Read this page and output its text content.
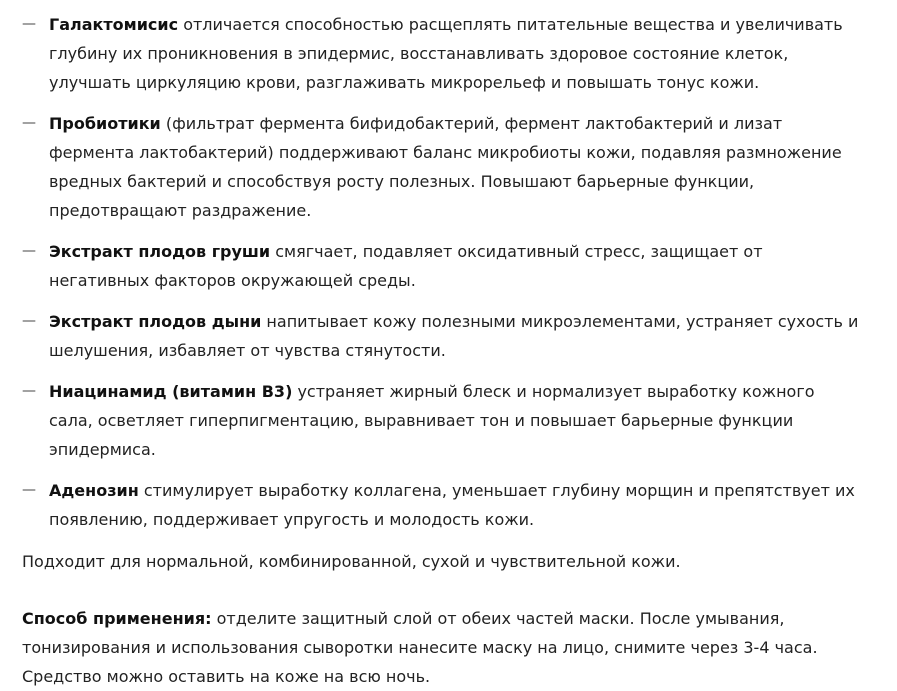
— Галактомисис отличается способностью расщеплять питательные вещества и увеличивать глубину их проникновения в эпидермис, восстанавливать здоровое состояние клеток, улучшать циркуляцию крови, разглаживать микрорельеф и повышать тонус кожи.
— Пробиотики (фильтрат фермента бифидобактерий, фермент лактобактерий и лизат фермента лактобактерий) поддерживают баланс микробиоты кожи, подавляя размножение вредных бактерий и способствуя росту полезных. Повышают барьерные функции, предотвращают раздражение.
— Экстракт плодов груши смягчает, подавляет оксидативный стресс, защищает от негативных факторов окружающей среды.
— Экстракт плодов дыни напитывает кожу полезными микроэлементами, устраняет сухость и шелушения, избавляет от чувства стянутости.
— Ниацинамид (витамин B3) устраняет жирный блеск и нормализует выработку кожного сала, осветляет гиперпигментацию, выравнивает тон и повышает барьерные функции эпидермиса.
— Аденозин стимулирует выработку коллагена, уменьшает глубину морщин и препятствует их появлению, поддерживает упругость и молодость кожи.

Подходит для нормальной, комбинированной, сухой и чувствительной кожи.

Способ применения: отделите защитный слой от обеих частей маски. После умывания, тонизирования и использования сыворотки нанесите маску на лицо, снимите через 3-4 часа. Средство можно оставить на коже на всю ночь.
